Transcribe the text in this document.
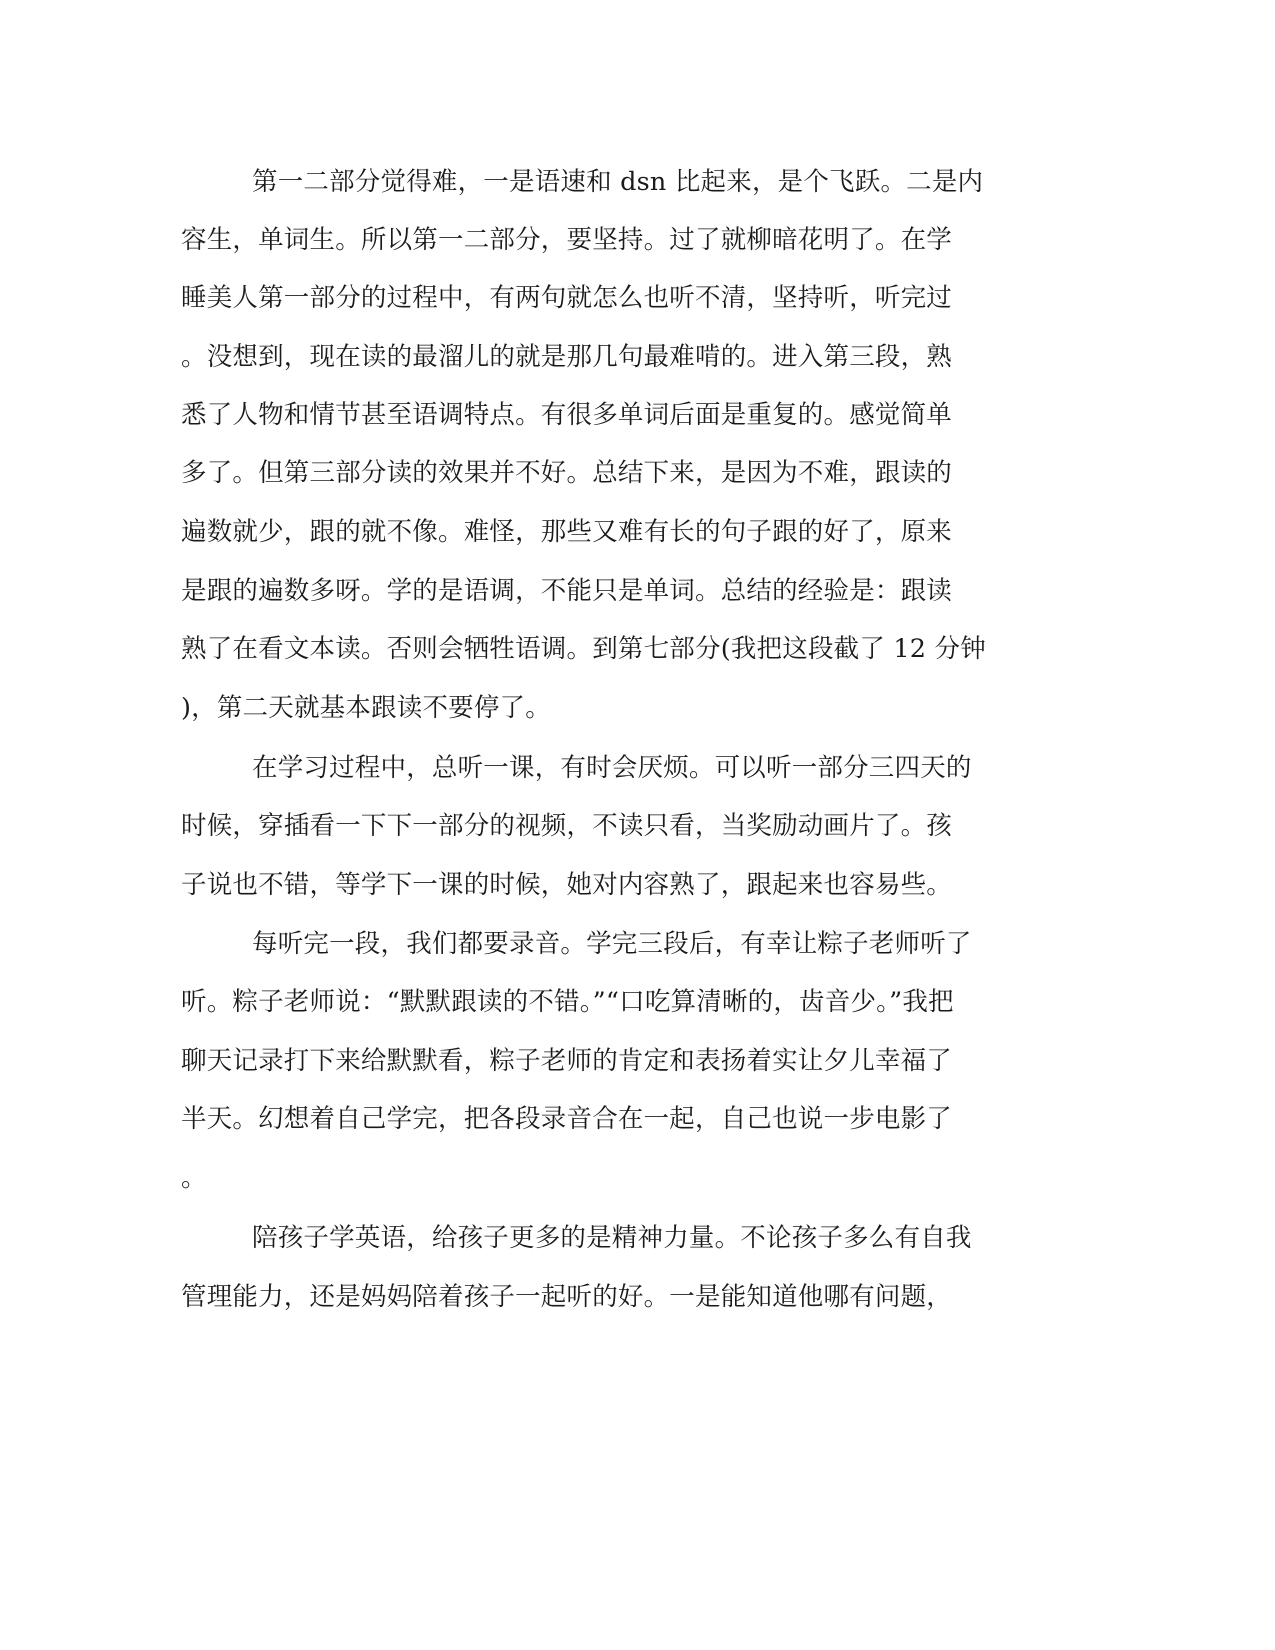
第一二部分觉得难，一是语速和 dsn 比起来，是个飞跃。二是内
容生，单词生。所以第一二部分，要坚持。过了就柳暗花明了。在学
睡美人第一部分的过程中，有两句就怎么也听不清，坚持听，听完过
。没想到，现在读的最溜儿的就是那几句最难啃的。进入第三段，熟
悉了人物和情节甚至语调特点。有很多单词后面是重复的。感觉简单
多了。但第三部分读的效果并不好。总结下来，是因为不难，跟读的
遍数就少，跟的就不像。难怪，那些又难有长的句子跟的好了，原来
是跟的遍数多呀。学的是语调，不能只是单词。总结的经验是：跟读
熟了在看文本读。否则会牺牲语调。到第七部分(我把这段截了 12 分钟
)，第二天就基本跟读不要停了。
在学习过程中，总听一课，有时会厌烦。可以听一部分三四天的
时候，穿插看一下下一部分的视频，不读只看，当奖励动画片了。孩
子说也不错，等学下一课的时候，她对内容熟了，跟起来也容易些。
每听完一段，我们都要录音。学完三段后，有幸让粽子老师听了
听。粽子老师说：“默默跟读的不错。”“口吃算清晰的，齿音少。”我把
聊天记录打下来给默默看，粽子老师的肯定和表扬着实让夕儿幸福了
半天。幻想着自己学完，把各段录音合在一起，自己也说一步电影了
。
陪孩子学英语，给孩子更多的是精神力量。不论孩子多么有自我
管理能力，还是妈妈陪着孩子一起听的好。一是能知道他哪有问题，
